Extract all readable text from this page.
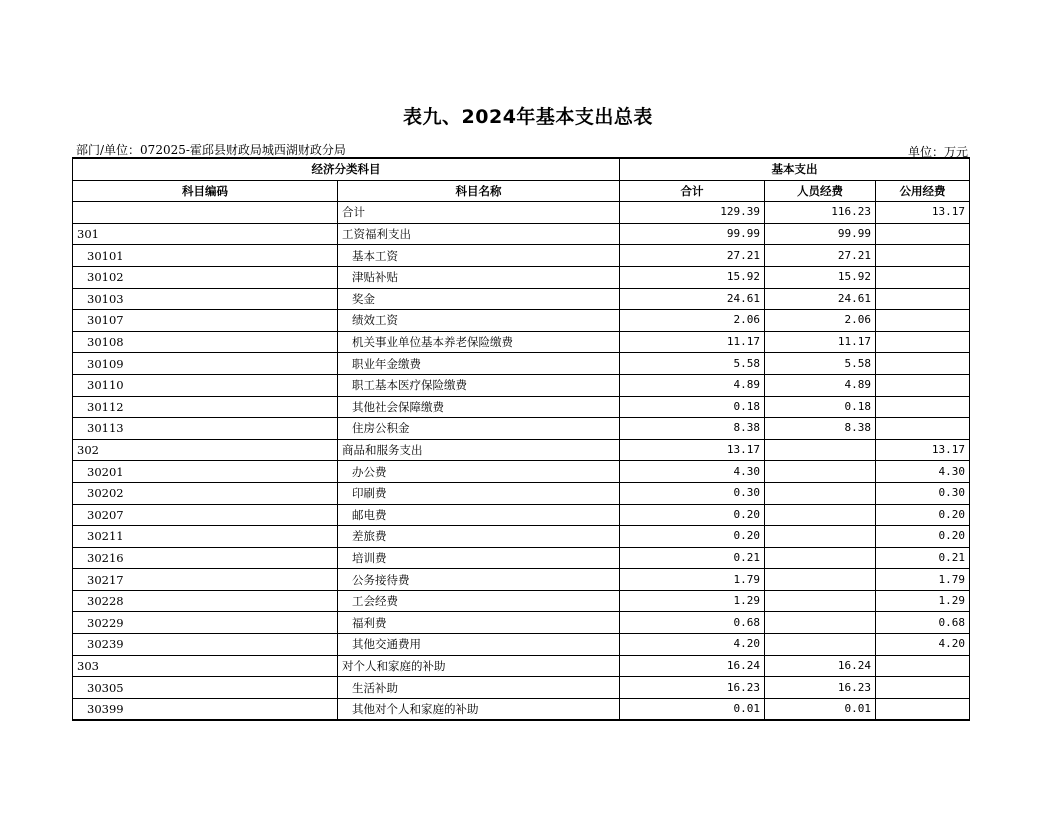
表九、2024年基本支出总表
部门/单位：072025-霍邱县财政局城西湖财政分局	单位：万元
经济分类科目		基本支出		
科目编码	科目名称	合计	人员经费	公用经费
	合计	129.39	116.23	13.17
301	工资福利支出	99.99	99.99	
30101	基本工资	27.21	27.21	
30102	津贴补贴	15.92	15.92	
30103	奖金	24.61	24.61	
30107	绩效工资	2.06	2.06	
30108	机关事业单位基本养老保险缴费	11.17	11.17	
30109	职业年金缴费	5.58	5.58	
30110	职工基本医疗保险缴费	4.89	4.89	
30112	其他社会保障缴费	0.18	0.18	
30113	住房公积金	8.38	8.38	
302	商品和服务支出	13.17		13.17
30201	办公费	4.30		4.30
30202	印刷费	0.30		0.30
30207	邮电费	0.20		0.20
30211	差旅费	0.20		0.20
30216	培训费	0.21		0.21
30217	公务接待费	1.79		1.79
30228	工会经费	1.29		1.29
30229	福利费	0.68		0.68
30239	其他交通费用	4.20		4.20
303	对个人和家庭的补助	16.24	16.24	
30305	生活补助	16.23	16.23	
30399	其他对个人和家庭的补助	0.01	0.01	
